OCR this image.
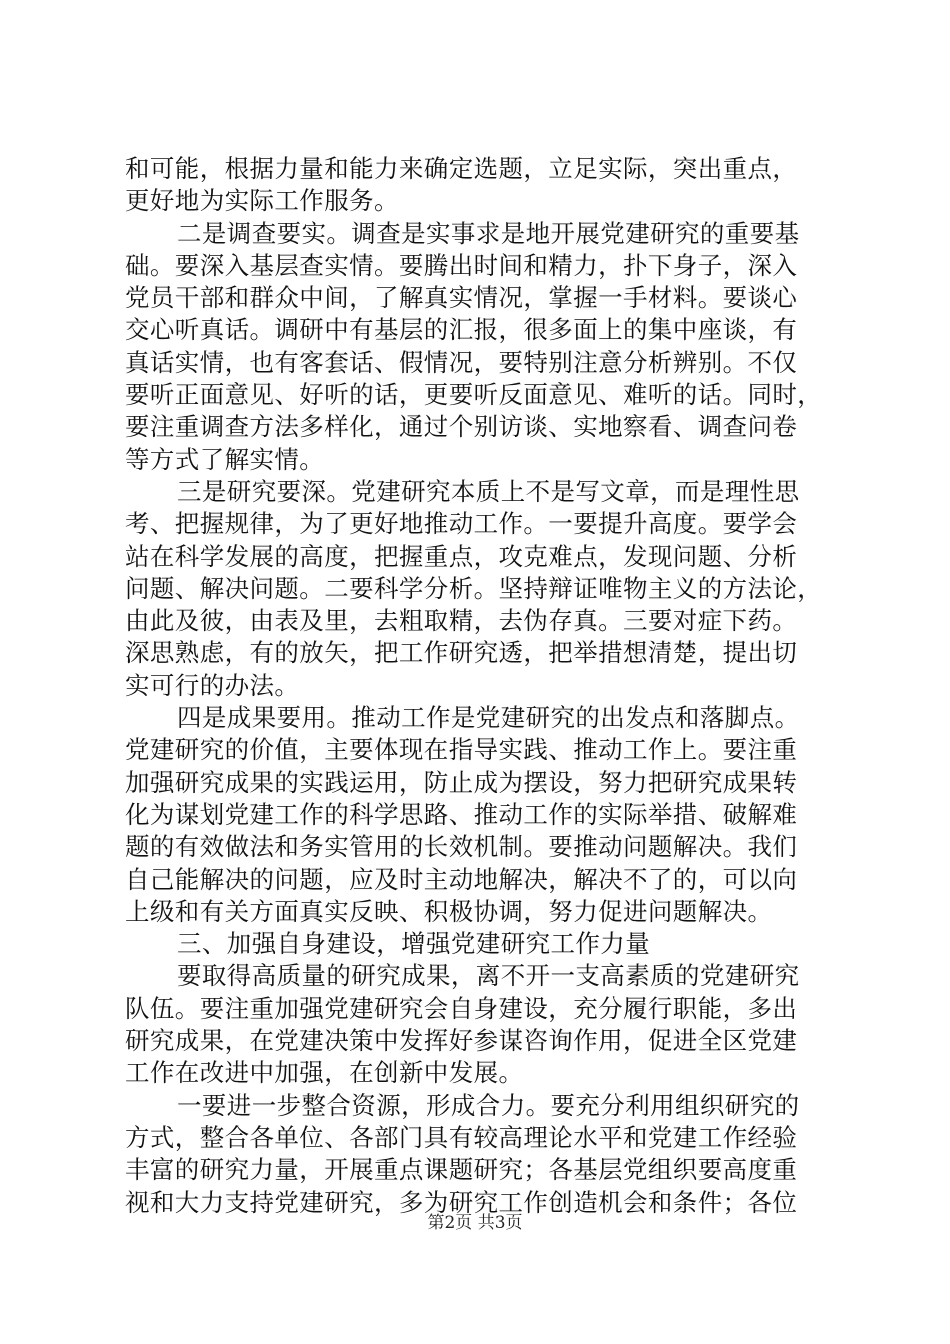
和可能，根据力量和能力来确定选题，立足实际，突出重点，
更好地为实际工作服务。
二是调查要实。调查是实事求是地开展党建研究的重要基
础。要深入基层查实情。要腾出时间和精力，扑下身子，深入
党员干部和群众中间，了解真实情况，掌握一手材料。要谈心
交心听真话。调研中有基层的汇报，很多面上的集中座谈，有
真话实情，也有客套话、假情况，要特别注意分析辨别。不仅
要听正面意见、好听的话，更要听反面意见、难听的话。同时，
要注重调查方法多样化，通过个别访谈、实地察看、调查问卷
等方式了解实情。
三是研究要深。党建研究本质上不是写文章，而是理性思
考、把握规律，为了更好地推动工作。一要提升高度。要学会
站在科学发展的高度，把握重点，攻克难点，发现问题、分析
问题、解决问题。二要科学分析。坚持辩证唯物主义的方法论，
由此及彼，由表及里，去粗取精，去伪存真。三要对症下药。
深思熟虑，有的放矢，把工作研究透，把举措想清楚，提出切
实可行的办法。
四是成果要用。推动工作是党建研究的出发点和落脚点。
党建研究的价值，主要体现在指导实践、推动工作上。要注重
加强研究成果的实践运用，防止成为摆设，努力把研究成果转
化为谋划党建工作的科学思路、推动工作的实际举措、破解难
题的有效做法和务实管用的长效机制。要推动问题解决。我们
自己能解决的问题，应及时主动地解决，解决不了的，可以向
上级和有关方面真实反映、积极协调，努力促进问题解决。
三、加强自身建设，增强党建研究工作力量
要取得高质量的研究成果，离不开一支高素质的党建研究
队伍。要注重加强党建研究会自身建设，充分履行职能，多出
研究成果，在党建决策中发挥好参谋咨询作用，促进全区党建
工作在改进中加强，在创新中发展。
一要进一步整合资源，形成合力。要充分利用组织研究的
方式，整合各单位、各部门具有较高理论水平和党建工作经验
丰富的研究力量，开展重点课题研究；各基层党组织要高度重
视和大力支持党建研究，多为研究工作创造机会和条件；各位
第2页 共3页
